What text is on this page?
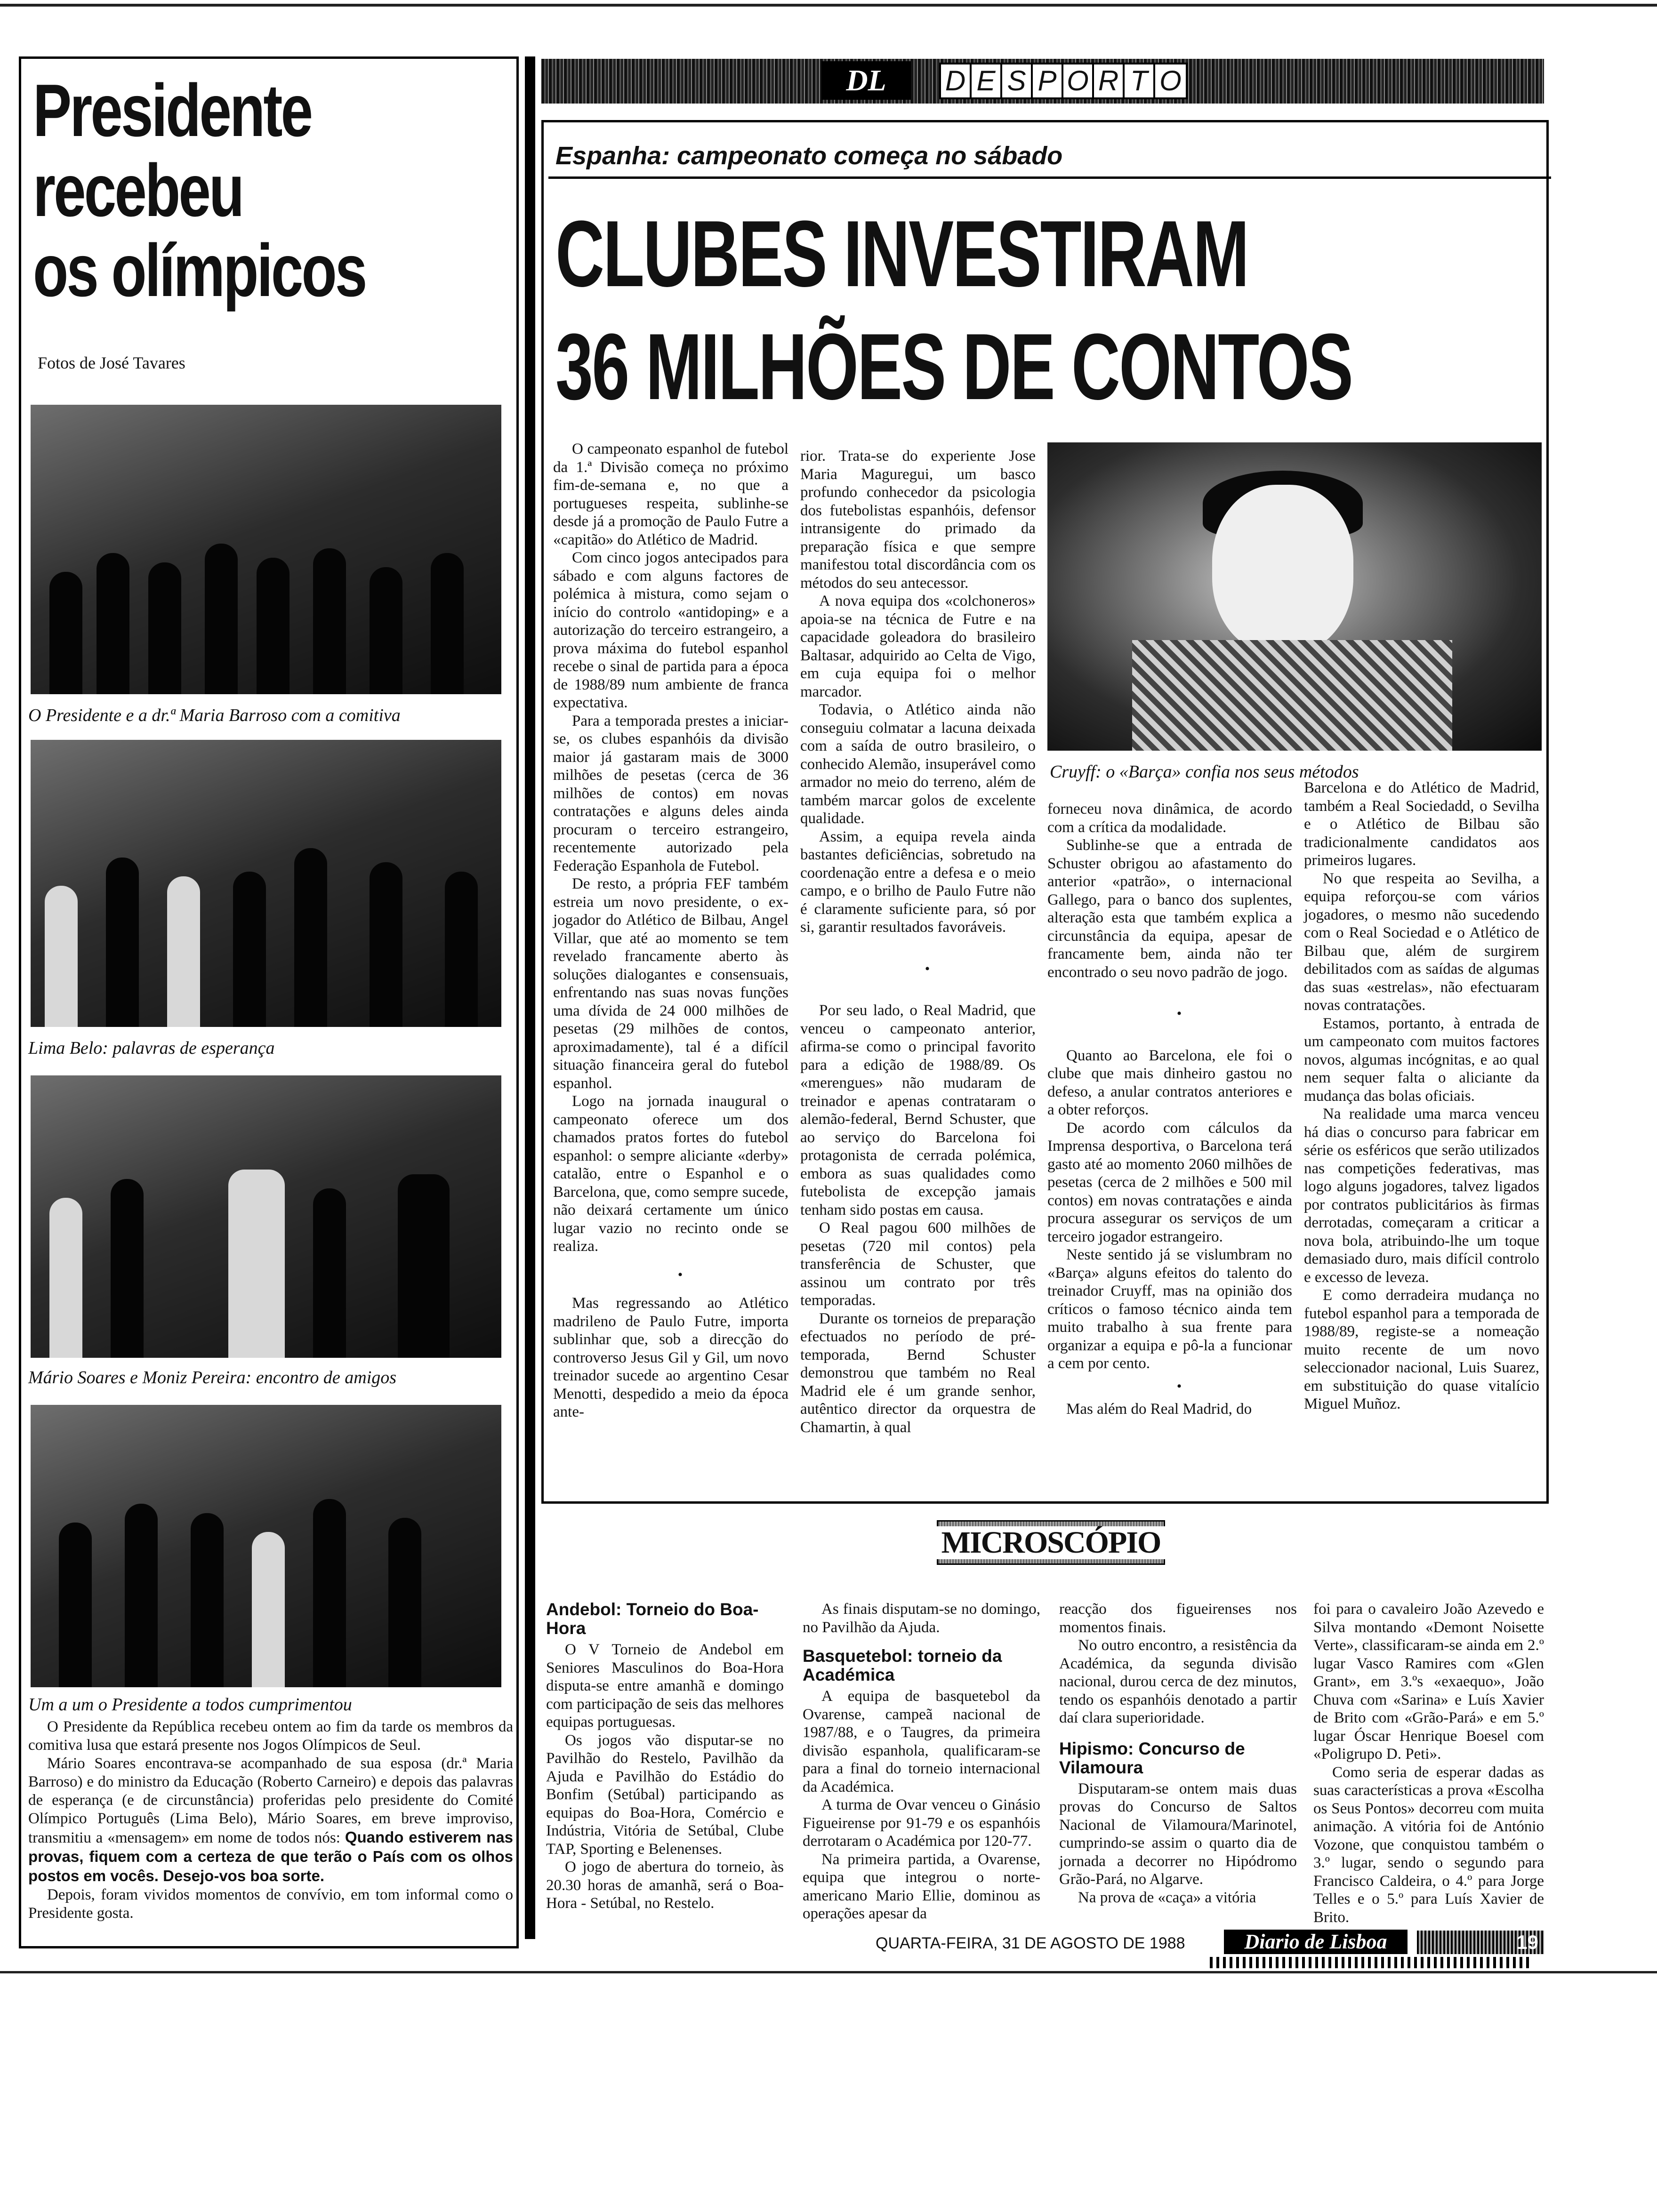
Presidente
recebeu
os olímpicos
Fotos de José Tavares
O Presidente e a dr.ª Maria Barroso com a comitiva
Lima Belo: palavras de esperança
Mário Soares e Moniz Pereira: encontro de amigos
Um a um o Presidente a todos cumprimentou

O Presidente da República recebeu ontem ao fim da tarde os membros da comitiva lusa que estará presente nos Jogos Olímpicos de Seul.

Mário Soares encontrava-se acompanhado de sua esposa (dr.ª Maria Barroso) e do ministro da Educação (Roberto Carneiro) e depois das palavras de esperança (e de circunstância) proferidas pelo presidente do Comité Olímpico Português (Lima Belo), Mário Soares, em breve improviso, transmitiu a «mensagem» em nome de todos nós: Quando estiverem nas provas, fiquem com a certeza de que terão o País com os olhos postos em vocês. Desejo-vos boa sorte.

Depois, foram vividos momentos de convívio, em tom informal como o Presidente gosta.

DL	D E S P O R T O
Espanha: campeonato começa no sábado
CLUBES INVESTIRAM
36 MILHÕES DE CONTOS

O campeonato espanhol de futebol da 1.ª Divisão começa no próximo fim-de-semana e, no que a portugueses respeita, sublinhe-se desde já a promoção de Paulo Futre a «capitão» do Atlético de Madrid.

Com cinco jogos antecipados para sábado e com alguns factores de polémica à mistura, como sejam o início do controlo «antidoping» e a autorização do terceiro estrangeiro, a prova máxima do futebol espanhol recebe o sinal de partida para a época de 1988/89 num ambiente de franca expectativa.

Para a temporada prestes a iniciar-se, os clubes espanhóis da divisão maior já gastaram mais de 3000 milhões de pesetas (cerca de 36 milhões de contos) em novas contratações e alguns deles ainda procuram o terceiro estrangeiro, recentemente autorizado pela Federação Espanhola de Futebol.

De resto, a própria FEF também estreia um novo presidente, o ex-jogador do Atlético de Bilbau, Angel Villar, que até ao momento se tem revelado francamente aberto às soluções dialogantes e consensuais, enfrentando nas suas novas funções uma dívida de 24 000 milhões de pesetas (29 milhões de contos, aproximadamente), tal é a difícil situação financeira geral do futebol espanhol.

Logo na jornada inaugural o campeonato oferece um dos chamados pratos fortes do futebol espanhol: o sempre aliciante «derby» catalão, entre o Espanhol e o Barcelona, que, como sempre sucede, não deixará certamente um único lugar vazio no recinto onde se realiza.

•

Mas regressando ao Atlético madrileno de Paulo Futre, importa sublinhar que, sob a direcção do controverso Jesus Gil y Gil, um novo treinador sucede ao argentino Cesar Menotti, despedido a meio da época ante-

rior. Trata-se do experiente Jose Maria Maguregui, um basco profundo conhecedor da psicologia dos futebolistas espanhóis, defensor intransigente do primado da preparação física e que sempre manifestou total discordância com os métodos do seu antecessor.

A nova equipa dos «colchoneros» apoia-se na técnica de Futre e na capacidade goleadora do brasileiro Baltasar, adquirido ao Celta de Vigo, em cuja equipa foi o melhor marcador.

Todavia, o Atlético ainda não conseguiu colmatar a lacuna deixada com a saída de outro brasileiro, o conhecido Alemão, insuperável como armador no meio do terreno, além de também marcar golos de excelente qualidade.

Assim, a equipa revela ainda bastantes deficiências, sobretudo na coordenação entre a defesa e o meio campo, e o brilho de Paulo Futre não é claramente suficiente para, só por si, garantir resultados favoráveis.

•

Por seu lado, o Real Madrid, que venceu o campeonato anterior, afirma-se como o principal favorito para a edição de 1988/89. Os «merengues» não mudaram de treinador e apenas contrataram o alemão-federal, Bernd Schuster, que ao serviço do Barcelona foi protagonista de cerrada polémica, embora as suas qualidades como futebolista de excepção jamais tenham sido postas em causa.

O Real pagou 600 milhões de pesetas (720 mil contos) pela transferência de Schuster, que assinou um contrato por três temporadas.

Durante os torneios de preparação efectuados no período de pré-temporada, Bernd Schuster demonstrou que também no Real Madrid ele é um grande senhor, autêntico director da orquestra de Chamartin, à qual

Cruyff: o «Barça» confia nos seus métodos

forneceu nova dinâmica, de acordo com a crítica da modalidade.

Sublinhe-se que a entrada de Schuster obrigou ao afastamento do anterior «patrão», o internacional Gallego, para o banco dos suplentes, alteração esta que também explica a circunstância da equipa, apesar de francamente bem, ainda não ter encontrado o seu novo padrão de jogo.

•

Quanto ao Barcelona, ele foi o clube que mais dinheiro gastou no defeso, a anular contratos anteriores e a obter reforços.

De acordo com cálculos da Imprensa desportiva, o Barcelona terá gasto até ao momento 2060 milhões de pesetas (cerca de 2 milhões e 500 mil contos) em novas contratações e ainda procura assegurar os serviços de um terceiro jogador estrangeiro.

Neste sentido já se vislumbram no «Barça» alguns efeitos do talento do treinador Cruyff, mas na opinião dos críticos o famoso técnico ainda tem muito trabalho à sua frente para organizar a equipa e pô-la a funcionar a cem por cento.

•

Mas além do Real Madrid, do

Barcelona e do Atlético de Madrid, também a Real Sociedadd, o Sevilha e o Atlético de Bilbau são tradicionalmente candidatos aos primeiros lugares.

No que respeita ao Sevilha, a equipa reforçou-se com vários jogadores, o mesmo não sucedendo com o Real Sociedad e o Atlético de Bilbau que, além de surgirem debilitados com as saídas de algumas das suas «estrelas», não efectuaram novas contratações.

Estamos, portanto, à entrada de um campeonato com muitos factores novos, algumas incógnitas, e ao qual nem sequer falta o aliciante da mudança das bolas oficiais.

Na realidade uma marca venceu há dias o concurso para fabricar em série os esféricos que serão utilizados nas competições federativas, mas logo alguns jogadores, talvez ligados por contratos publicitários às firmas derrotadas, começaram a criticar a nova bola, atribuindo-lhe um toque demasiado duro, mais difícil controlo e excesso de leveza.

E como derradeira mudança no futebol espanhol para a temporada de 1988/89, registe-se a nomeação muito recente de um novo seleccionador nacional, Luis Suarez, em substituição do quase vitalício Miguel Muñoz.

MICROSCÓPIO
Andebol: Torneio do Boa-Hora

O V Torneio de Andebol em Seniores Masculinos do Boa-Hora disputa-se entre amanhã e domingo com participação de seis das melhores equipas portuguesas.

Os jogos vão disputar-se no Pavilhão do Restelo, Pavilhão da Ajuda e Pavilhão do Estádio do Bonfim (Setúbal) participando as equipas do Boa-Hora, Comércio e Indústria, Vitória de Setúbal, Clube TAP, Sporting e Belenenses.

O jogo de abertura do torneio, às 20.30 horas de amanhã, será o Boa-Hora - Setúbal, no Restelo.

As finais disputam-se no domingo, no Pavilhão da Ajuda.

Basquetebol: torneio da Académica

A equipa de basquetebol da Ovarense, campeã nacional de 1987/88, e o Taugres, da primeira divisão espanhola, qualificaram-se para a final do torneio internacional da Académica.

A turma de Ovar venceu o Ginásio Figueirense por 91-79 e os espanhóis derrotaram o Académica por 120-77.

Na primeira partida, a Ovarense, equipa que integrou o norte-americano Mario Ellie, dominou as operações apesar da

reacção dos figueirenses nos momentos finais.

No outro encontro, a resistência da Académica, da segunda divisão nacional, durou cerca de dez minutos, tendo os espanhóis denotado a partir daí clara superioridade.

Hipismo: Concurso de Vilamoura

Disputaram-se ontem mais duas provas do Concurso de Saltos Nacional de Vilamoura/Marinotel, cumprindo-se assim o quarto dia de jornada a decorrer no Hipódromo Grão-Pará, no Algarve.

Na prova de «caça» a vitória

foi para o cavaleiro João Azevedo e Silva montando «Demont Noisette Verte», classificaram-se ainda em 2.º lugar Vasco Ramires com «Glen Grant», em 3.ºs «exaequo», João Chuva com «Sarina» e Luís Xavier de Brito com «Grão-Pará» e em 5.º lugar Óscar Henrique Boesel com «Poligrupo D. Peti».

Como seria de esperar dadas as suas características a prova «Escolha os Seus Pontos» decorreu com muita animação. A vitória foi de António Vozone, que conquistou também o 3.º lugar, sendo o segundo para Francisco Caldeira, o 4.º para Jorge Telles e o 5.º para Luís Xavier de Brito.

QUARTA-FEIRA, 31 DE AGOSTO DE 1988	Diario de Lisboa	19
